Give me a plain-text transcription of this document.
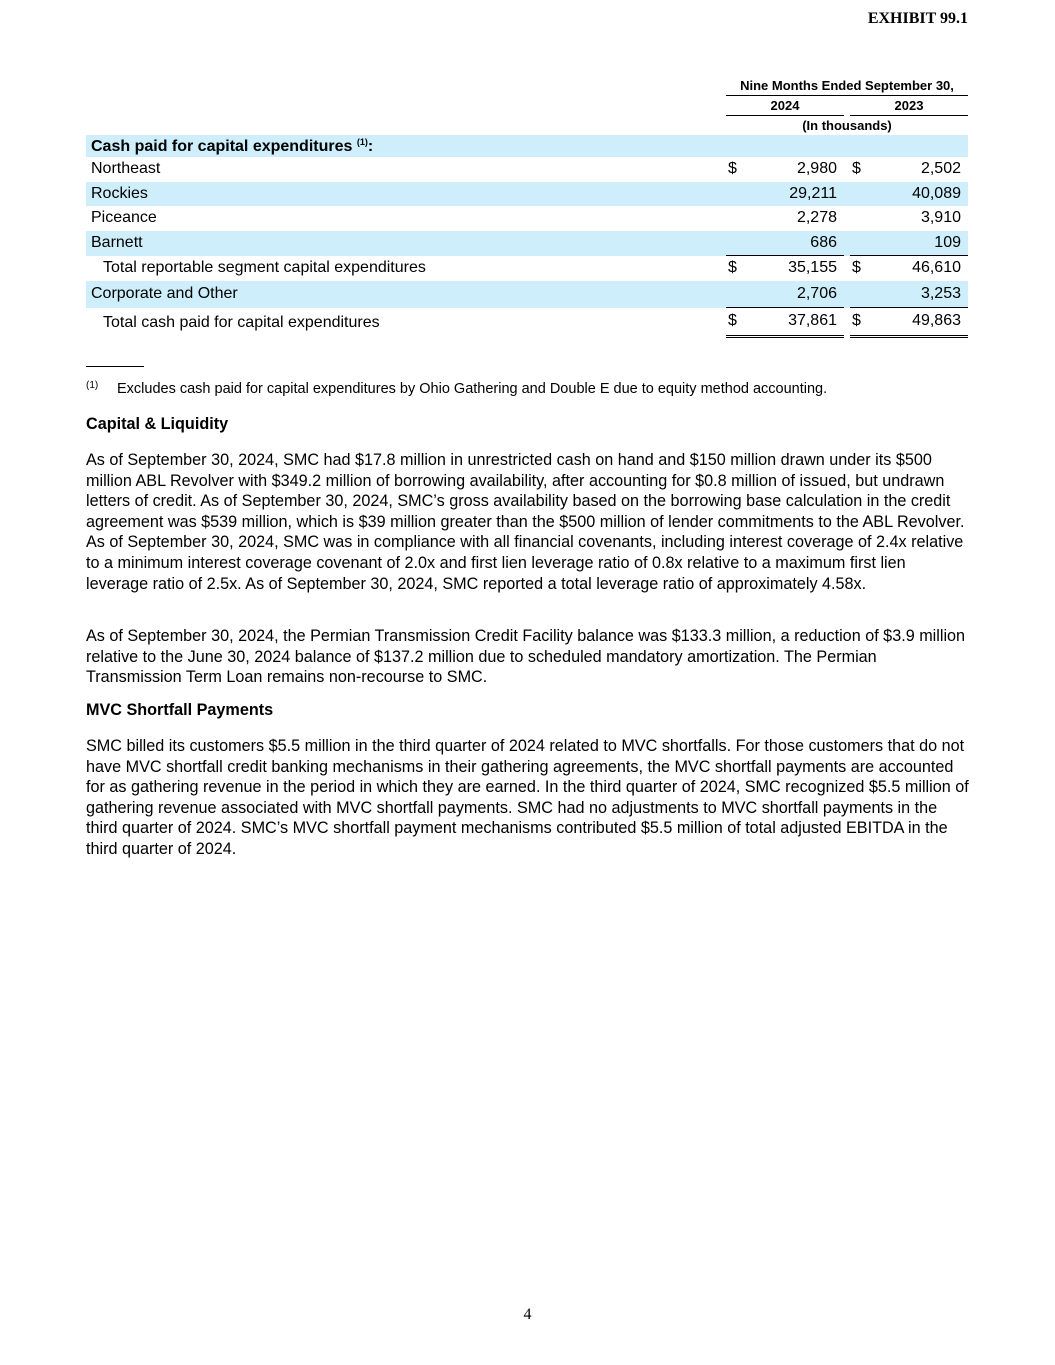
EXHIBIT 99.1
	Nine Months Ended September 30,				
	2024			2023	
	(In thousands)				
Cash paid for capital expenditures $^{(1)}$:					
Northeast	$	2,980		$	2,502
Rockies		29,211			40,089
Piceance		2,278			3,910
Barnett		686			109
Total reportable segment capital expenditures	$	35,155		$	46,610
Corporate and Other		2,706			3,253
Total cash paid for capital expenditures	$	37,861		$	49,863
(1) Excludes cash paid for capital expenditures by Ohio Gathering and Double E due to equity method accounting.
Capital & Liquidity

As of September 30, 2024, SMC had $17.8 million in unrestricted cash on hand and $150 million drawn under its $500 million ABL Revolver with $349.2 million of borrowing availability, after accounting for $0.8 million of issued, but undrawn letters of credit. As of September 30, 2024, SMC’s gross availability based on the borrowing base calculation in the credit agreement was $539 million, which is $39 million greater than the $500 million of lender commitments to the ABL Revolver. As of September 30, 2024, SMC was in compliance with all financial covenants, including interest coverage of 2.4x relative to a minimum interest coverage covenant of 2.0x and first lien leverage ratio of 0.8x relative to a maximum first lien leverage ratio of 2.5x. As of September 30, 2024, SMC reported a total leverage ratio of approximately 4.58x.

As of September 30, 2024, the Permian Transmission Credit Facility balance was $133.3 million, a reduction of $3.9 million relative to the June 30, 2024 balance of $137.2 million due to scheduled mandatory amortization. The Permian Transmission Term Loan remains non-recourse to SMC.

MVC Shortfall Payments

SMC billed its customers $5.5 million in the third quarter of 2024 related to MVC shortfalls. For those customers that do not have MVC shortfall credit banking mechanisms in their gathering agreements, the MVC shortfall payments are accounted for as gathering revenue in the period in which they are earned. In the third quarter of 2024, SMC recognized $5.5 million of gathering revenue associated with MVC shortfall payments. SMC had no adjustments to MVC shortfall payments in the third quarter of 2024. SMC’s MVC shortfall payment mechanisms contributed $5.5 million of total adjusted EBITDA in the third quarter of 2024.

4
